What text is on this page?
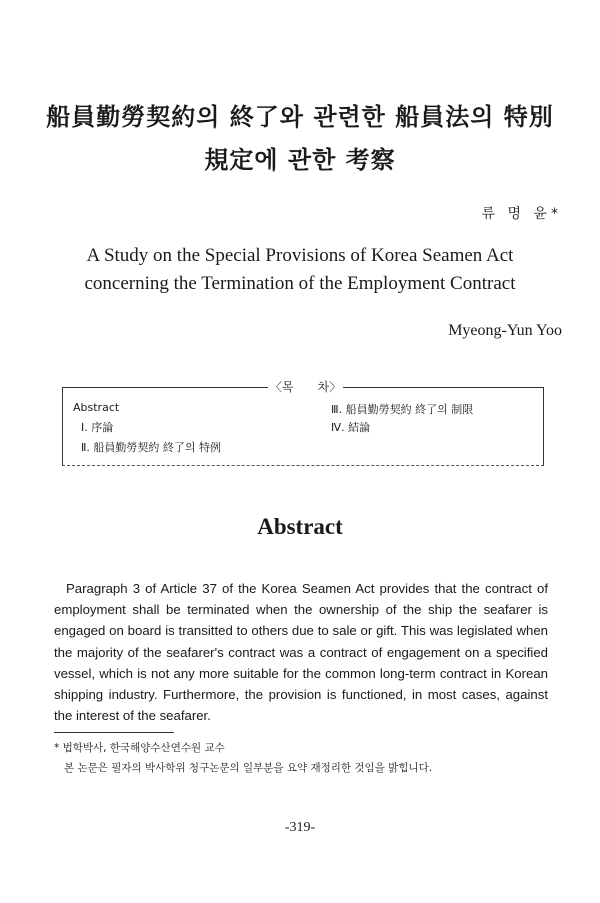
船員勤勞契約의 終了와 관련한 船員法의 特別
規定에 관한 考察
류 명 윤*
A Study on the Special Provisions of Korea Seamen Act
concerning the Termination of the Employment Contract
Myeong-Yun Yoo
〈목　　차〉
Abstract
Ⅰ. 序論
Ⅱ. 船員勤勞契約 終了의 特例
Ⅲ. 船員勤勞契約 終了의 制限
Ⅳ. 結論
Abstract

Paragraph 3 of Article 37 of the Korea Seamen Act provides that the contract of employment shall be terminated when the ownership of the ship the seafarer is engaged on board is transitted to others due to sale or gift. This was legislated when the majority of the seafarer's contract was a contract of engagement on a specified vessel, which is not any more suitable for the common long-term contract in Korean shipping industry. Furthermore, the provision is functioned, in most cases, against the interest of the seafarer.

* 법학박사, 한국해양수산연수원 교수
본 논문은 필자의 박사학위 청구논문의 일부분을 요약 재정리한 것임을 밝힙니다.
-319-
